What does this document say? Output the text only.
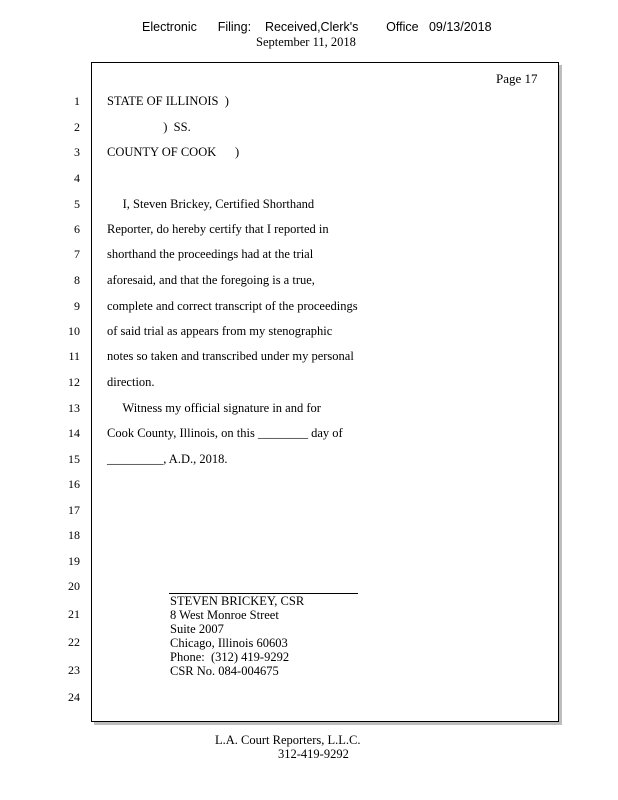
Electronic      Filing:    Received,Clerk's        Office   09/13/2018
September 11, 2018
Page 17
1
2
3
4
5
6
7
8
9
10
11
12
13
14
15
16
17
18
19
20
21
22
23
24
STATE OF ILLINOIS  )
)  SS.
COUNTY OF COOK      )
I, Steven Brickey, Certified Shorthand
Reporter, do hereby certify that I reported in
shorthand the proceedings had at the trial
aforesaid, and that the foregoing is a true,
complete and correct transcript of the proceedings
of said trial as appears from my stenographic
notes so taken and transcribed under my personal
direction.
Witness my official signature in and for
Cook County, Illinois, on this ________ day of
_________, A.D., 2018.
STEVEN BRICKEY, CSR
8 West Monroe Street
Suite 2007
Chicago, Illinois 60603
Phone:  (312) 419-9292
CSR No. 084-004675
L.A. Court Reporters, L.L.C.
312-419-9292
